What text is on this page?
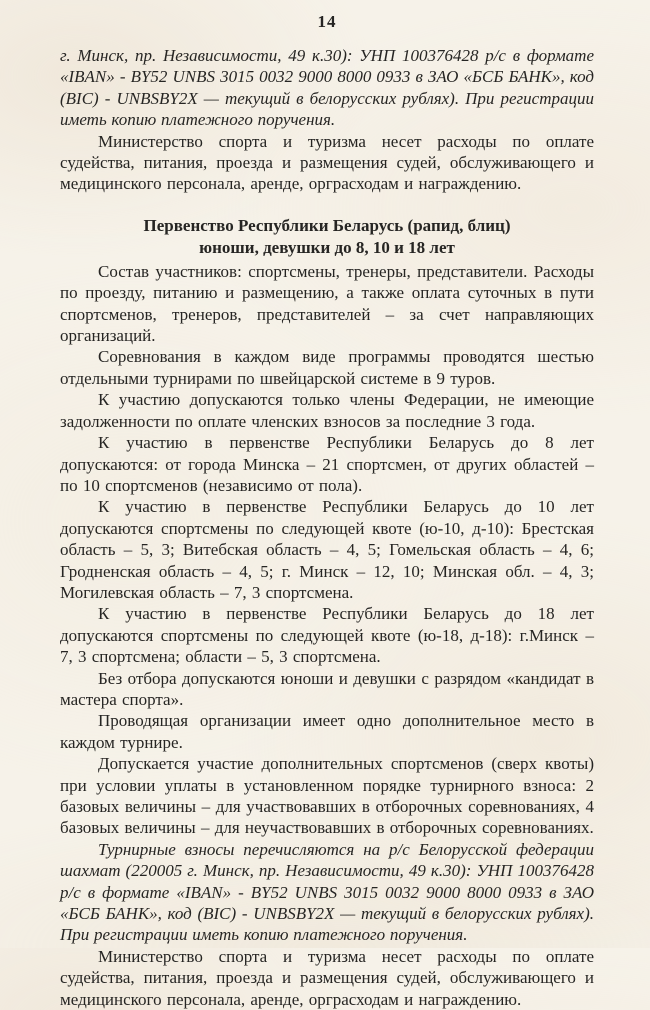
14

г. Минск, пр. Независимости, 49 к.30): УНП 100376428 р/с в формате «IBAN» - BY52 UNBS 3015 0032 9000 8000 0933 в ЗАО «БСБ БАНК», код (BIC) - UNBSBY2X — текущий в белорусских рублях). При регистрации иметь копию платежного поручения.

Министерство спорта и туризма несет расходы по оплате судейства, питания, проезда и размещения судей, обслуживающего и медицинского персонала, аренде, орграсходам и награждению.

Первенство Республики Беларусь (рапид, блиц)
юноши, девушки до 8, 10 и 18 лет

Состав участников: спортсмены, тренеры, представители. Расходы по проезду, питанию и размещению, а также оплата суточных в пути спортсменов, тренеров, представителей – за счет направляющих организаций.

Соревнования в каждом виде программы проводятся шестью отдельными турнирами по швейцарской системе в 9 туров.

К участию допускаются только члены Федерации, не имеющие задолженности по оплате членских взносов за последние 3 года.

К участию в первенстве Республики Беларусь до 8 лет допускаются: от города Минска – 21 спортсмен, от других областей – по 10 спортсменов (независимо от пола).

К участию в первенстве Республики Беларусь до 10 лет допускаются спортсмены по следующей квоте (ю-10, д-10): Брестская область – 5, 3; Витебская область – 4, 5; Гомельская область – 4, 6; Гродненская область – 4, 5; г. Минск – 12, 10; Минская обл. – 4, 3; Могилевская область – 7, 3 спортсмена.

К участию в первенстве Республики Беларусь до 18 лет допускаются спортсмены по следующей квоте (ю-18, д-18): г.Минск – 7, 3 спортсмена; области – 5, 3 спортсмена.

Без отбора допускаются юноши и девушки с разрядом «кандидат в мастера спорта».

Проводящая организации имеет одно дополнительное место в каждом турнире.

Допускается участие дополнительных спортсменов (сверх квоты) при условии уплаты в установленном порядке турнирного взноса: 2 базовых величины – для участвовавших в отборочных соревнованиях, 4 базовых величины – для неучаствовавших в отборочных соревнованиях.

Турнирные взносы перечисляются на р/с Белорусской федерации шахмат (220005 г. Минск, пр. Независимости, 49 к.30): УНП 100376428 р/с в формате «IBAN» - BY52 UNBS 3015 0032 9000 8000 0933 в ЗАО «БСБ БАНК», код (BIC) - UNBSBY2X — текущий в белорусских рублях). При регистрации иметь копию платежного поручения.

Министерство спорта и туризма несет расходы по оплате судейства, питания, проезда и размещения судей, обслуживающего и медицинского персонала, аренде, орграсходам и награждению.
